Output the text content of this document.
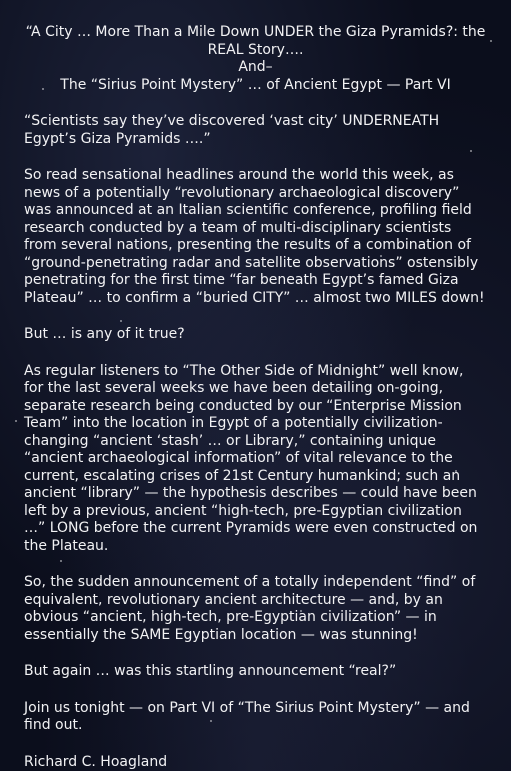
“A City … More Than a Mile Down UNDER the Giza Pyramids?: the REAL Story….
And–
The “Sirius Point Mystery” … of Ancient Egypt — Part VI

“Scientists say they’ve discovered ‘vast city’ UNDERNEATH Egypt’s Giza Pyramids ….”

So read sensational headlines around the world this week, as news of a potentially “revolutionary archaeological discovery” was announced at an Italian scientific conference, profiling field research conducted by a team of multi-disciplinary scientists from several nations, presenting the results of a combination of “ground-penetrating radar and satellite observations” ostensibly penetrating for the first time “far beneath Egypt’s famed Giza Plateau” … to confirm a “buried CITY” … almost two MILES down!

But … is any of it true?

As regular listeners to “The Other Side of Midnight” well know, for the last several weeks we have been detailing on-going, separate research being conducted by our “Enterprise Mission Team” into the location in Egypt of a potentially civilization-changing “ancient ‘stash’ … or Library,” containing unique “ancient archaeological information” of vital relevance to the current, escalating crises of 21st Century humankind; such an ancient “library” — the hypothesis describes — could have been left by a previous, ancient “high-tech, pre-Egyptian civilization …” LONG before the current Pyramids were even constructed on the Plateau.

So, the sudden announcement of a totally independent “find” of equivalent, revolutionary ancient architecture — and, by an obvious “ancient, high-tech, pre-Egyptian civilization” — in essentially the SAME Egyptian location — was stunning!

But again … was this startling announcement “real?”

Join us tonight — on Part VI of “The Sirius Point Mystery” — and find out.

Richard C. Hoagland
